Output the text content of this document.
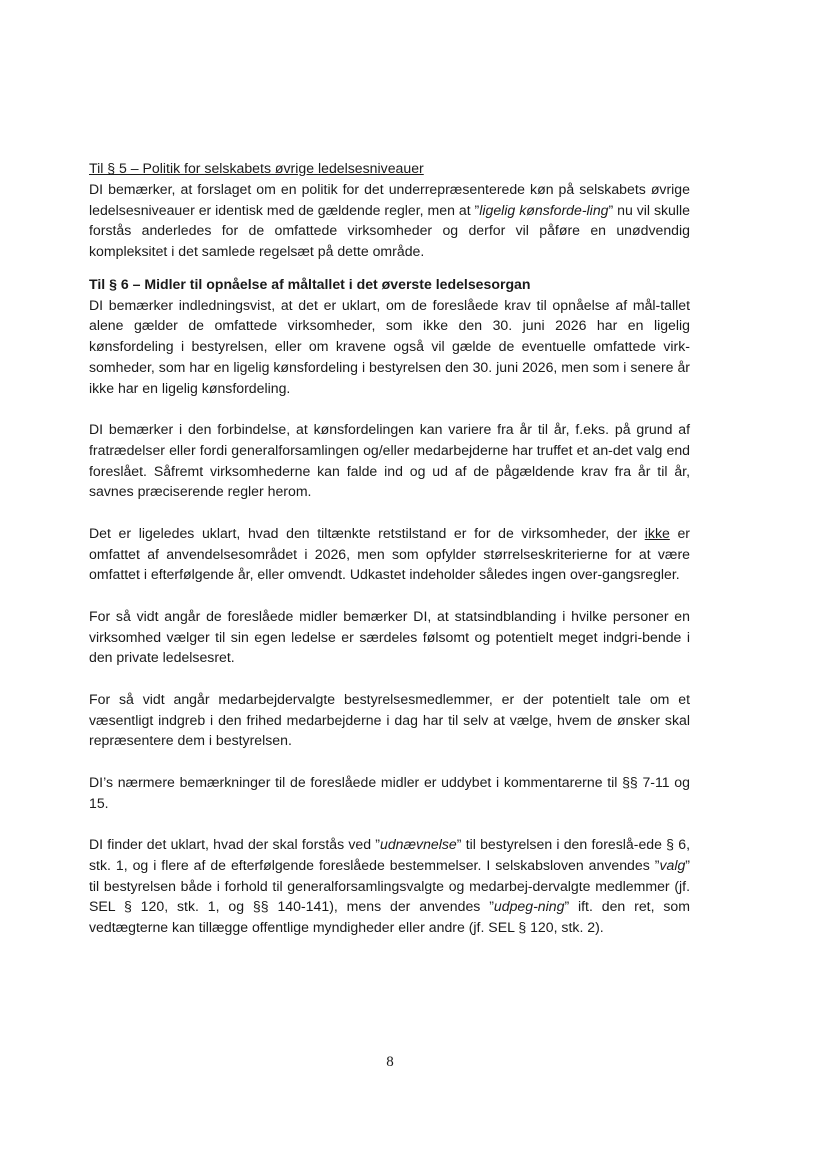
Til § 5 – Politik for selskabets øvrige ledelsesniveauer

DI bemærker, at forslaget om en politik for det underrepræsenterede køn på selskabets øvrige ledelsesniveauer er identisk med de gældende regler, men at ”ligelig kønsforde-ling” nu vil skulle forstås anderledes for de omfattede virksomheder og derfor vil påføre en unødvendig kompleksitet i det samlede regelsæt på dette område.

Til § 6 – Midler til opnåelse af måltallet i det øverste ledelsesorgan

DI bemærker indledningsvist, at det er uklart, om de foreslåede krav til opnåelse af mål-tallet alene gælder de omfattede virksomheder, som ikke den 30. juni 2026 har en ligelig kønsfordeling i bestyrelsen, eller om kravene også vil gælde de eventuelle omfattede virk-somheder, som har en ligelig kønsfordeling i bestyrelsen den 30. juni 2026, men som i senere år ikke har en ligelig kønsfordeling.

DI bemærker i den forbindelse, at kønsfordelingen kan variere fra år til år, f.eks. på grund af fratrædelser eller fordi generalforsamlingen og/eller medarbejderne har truffet et an-det valg end foreslået. Såfremt virksomhederne kan falde ind og ud af de pågældende krav fra år til år, savnes præciserende regler herom.

Det er ligeledes uklart, hvad den tiltænkte retstilstand er for de virksomheder, der ikke er omfattet af anvendelsesområdet i 2026, men som opfylder størrelseskriterierne for at være omfattet i efterfølgende år, eller omvendt. Udkastet indeholder således ingen over-gangsregler.

For så vidt angår de foreslåede midler bemærker DI, at statsindblanding i hvilke personer en virksomhed vælger til sin egen ledelse er særdeles følsomt og potentielt meget indgri-bende i den private ledelsesret.

For så vidt angår medarbejdervalgte bestyrelsesmedlemmer, er der potentielt tale om et væsentligt indgreb i den frihed medarbejderne i dag har til selv at vælge, hvem de ønsker skal repræsentere dem i bestyrelsen.

DI’s nærmere bemærkninger til de foreslåede midler er uddybet i kommentarerne til §§ 7-11 og 15.

DI finder det uklart, hvad der skal forstås ved ”udnævnelse” til bestyrelsen i den foreslå-ede § 6, stk. 1, og i flere af de efterfølgende foreslåede bestemmelser. I selskabsloven anvendes ”valg” til bestyrelsen både i forhold til generalforsamlingsvalgte og medarbej-dervalgte medlemmer (jf. SEL § 120, stk. 1, og §§ 140-141), mens der anvendes ”udpeg-ning” ift. den ret, som vedtægterne kan tillægge offentlige myndigheder eller andre (jf. SEL § 120, stk. 2).

8
